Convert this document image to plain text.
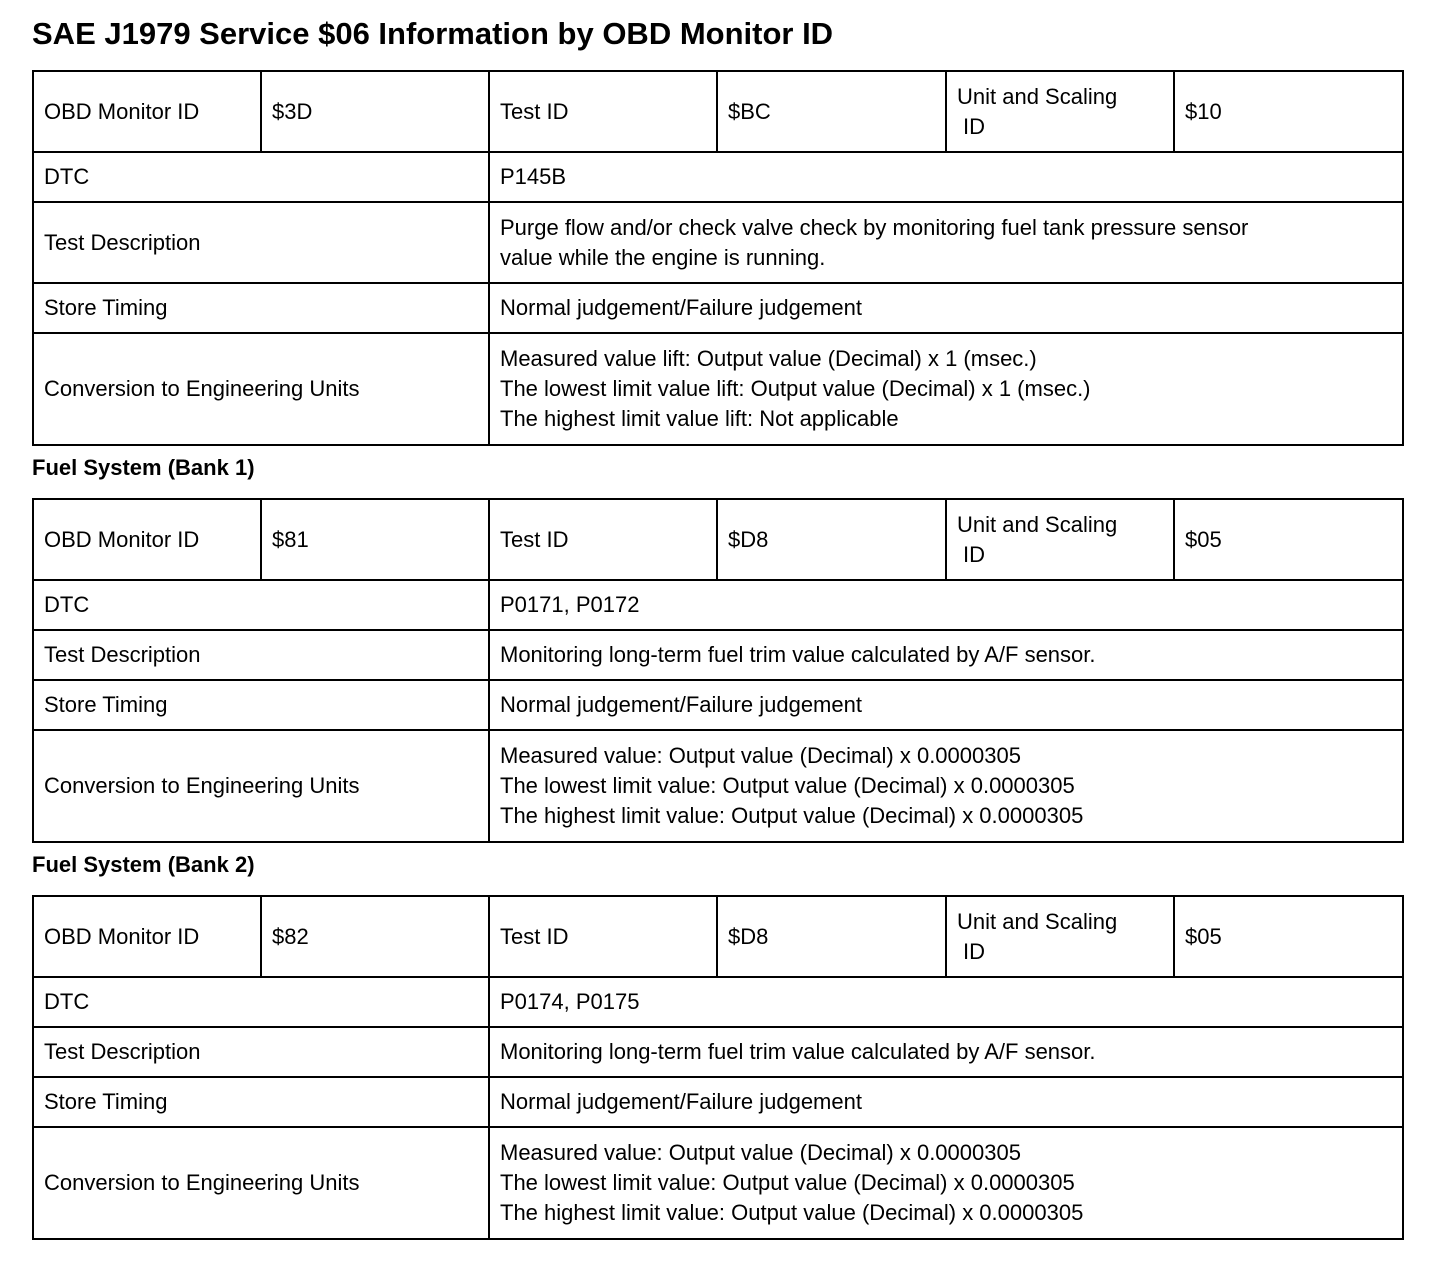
SAE J1979 Service $06 Information by OBD Monitor ID
OBD Monitor ID	$3D	Test ID	$BC	Unit and Scaling
ID	$10
DTC		P145B			
Test Description		Purge flow and/or check valve check by monitoring fuel tank pressure sensor
value while the engine is running.			

Store Timing		Normal judgement/Failure judgement			
Conversion to Engineering Units		Measured value lift: Output value (Decimal) x 1 (msec.)
The lowest limit value lift: Output value (Decimal) x 1 (msec.)
The highest limit value lift: Not applicable			
Fuel System (Bank 1)
OBD Monitor ID	$81	Test ID	$D8	Unit and Scaling
ID	$05
DTC		P0171, P0172			
Test Description		Monitoring long-term fuel trim value calculated by A/F sensor.			
Store Timing		Normal judgement/Failure judgement			
Conversion to Engineering Units		Measured value: Output value (Decimal) x 0.0000305
The lowest limit value: Output value (Decimal) x 0.0000305
The highest limit value: Output value (Decimal) x 0.0000305			
Fuel System (Bank 2)
OBD Monitor ID	$82	Test ID	$D8	Unit and Scaling
ID	$05
DTC		P0174, P0175			
Test Description		Monitoring long-term fuel trim value calculated by A/F sensor.			
Store Timing		Normal judgement/Failure judgement			
Conversion to Engineering Units		Measured value: Output value (Decimal) x 0.0000305
The lowest limit value: Output value (Decimal) x 0.0000305
The highest limit value: Output value (Decimal) x 0.0000305			
